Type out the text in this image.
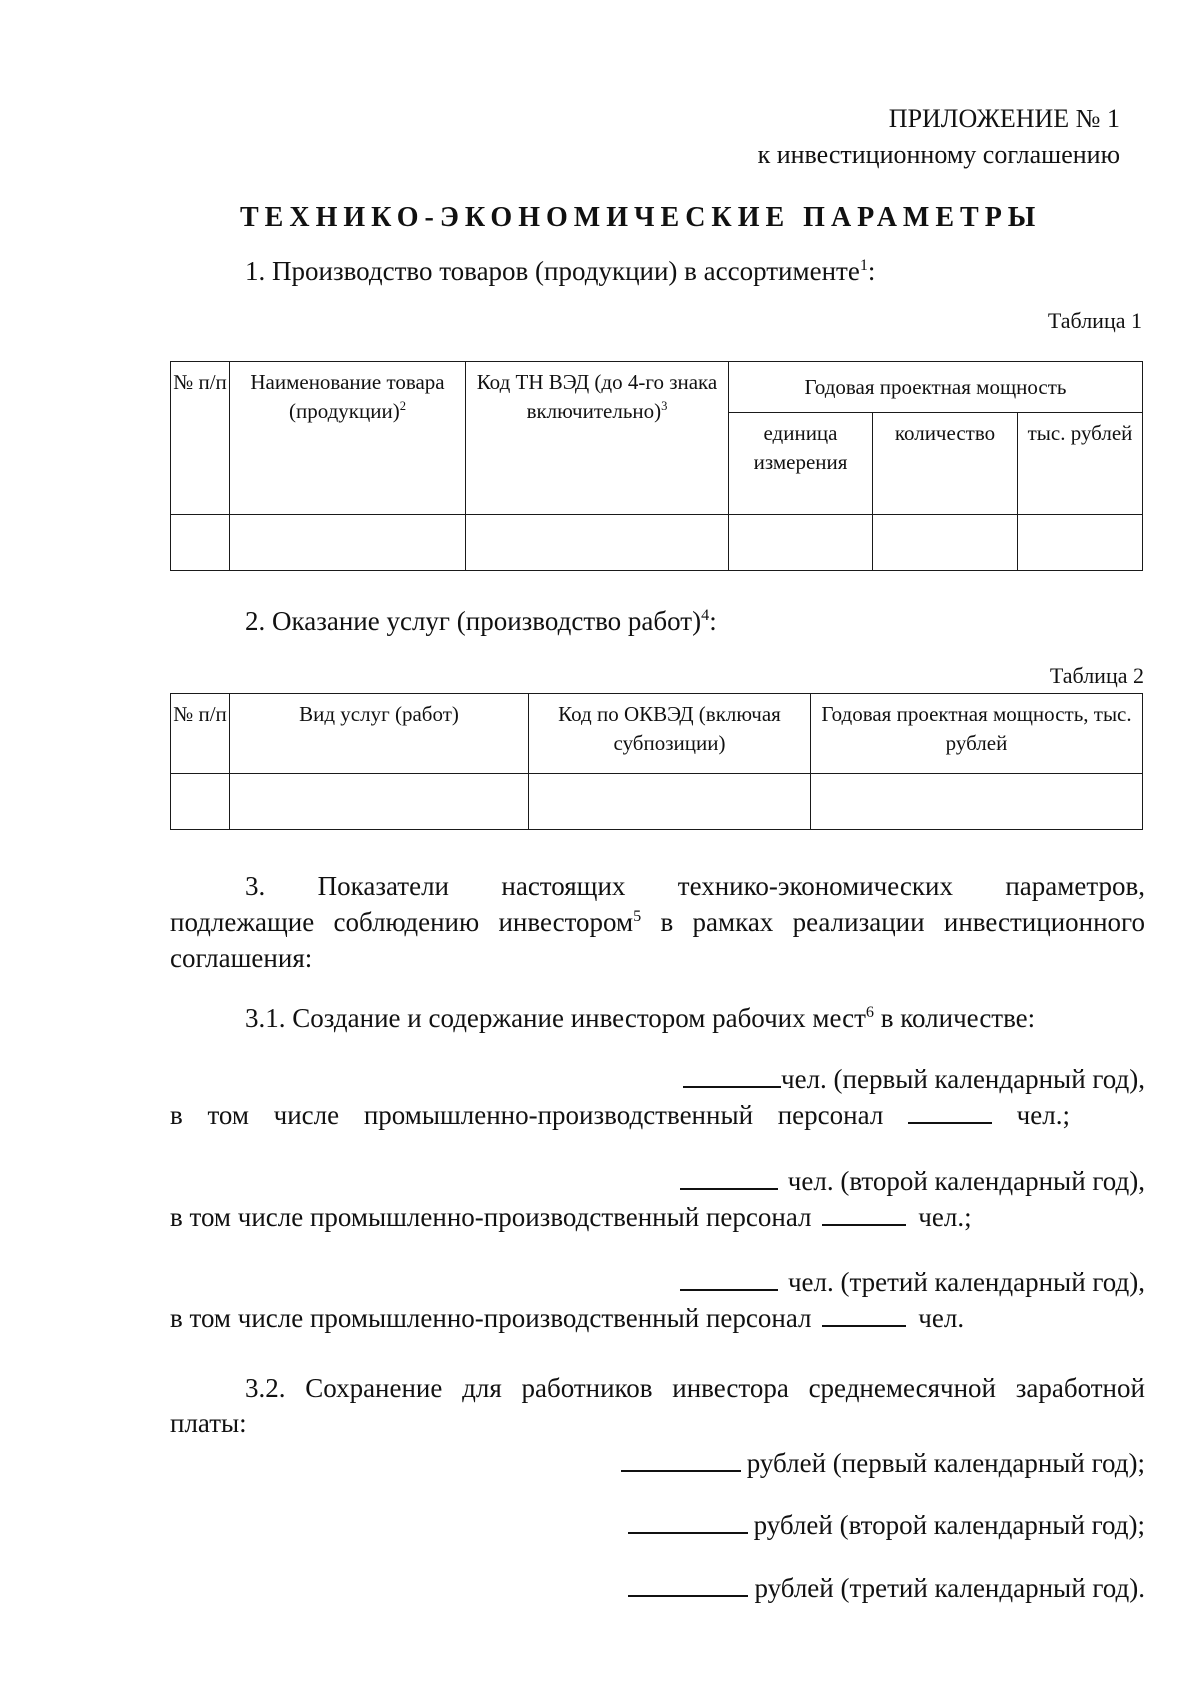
ПРИЛОЖЕНИЕ № 1
к инвестиционному соглашению
ТЕХНИКО-ЭКОНОМИЧЕСКИЕ ПАРАМЕТРЫ
1. Производство товаров (продукции) в ассортименте$^1$:
Таблица 1
№ п/п	Наименование товара (продукции)$^2$	Код ТН ВЭД (до 4-го знака включительно)$^3$	Годовая проектная мощность		
			единица измерения	количество	тыс. рублей

2. Оказание услуг (производство работ)$^4$:
Таблица 2
№ п/п	Вид услуг (работ)	Код по ОКВЭД (включая субпозиции)	Годовая проектная мощность, тыс. рублей

3. Показатели настоящих технико-экономических параметров,
подлежащие соблюдению инвестором$^5$ в рамках реализации инвестиционного
соглашения:
3.1. Создание и содержание инвестором рабочих мест$^6$ в количестве:
чел. (первый календарный год),
в том числе промышленно-производственный персонал	чел.;
чел. (второй календарный год),
в том числе промышленно-производственный персонал	чел.;
чел. (третий календарный год),
в том числе промышленно-производственный персонал	чел.
3.2. Сохранение для работников инвестора среднемесячной заработной
платы:
рублей (первый календарный год);
рублей (второй календарный год);
рублей (третий календарный год).
